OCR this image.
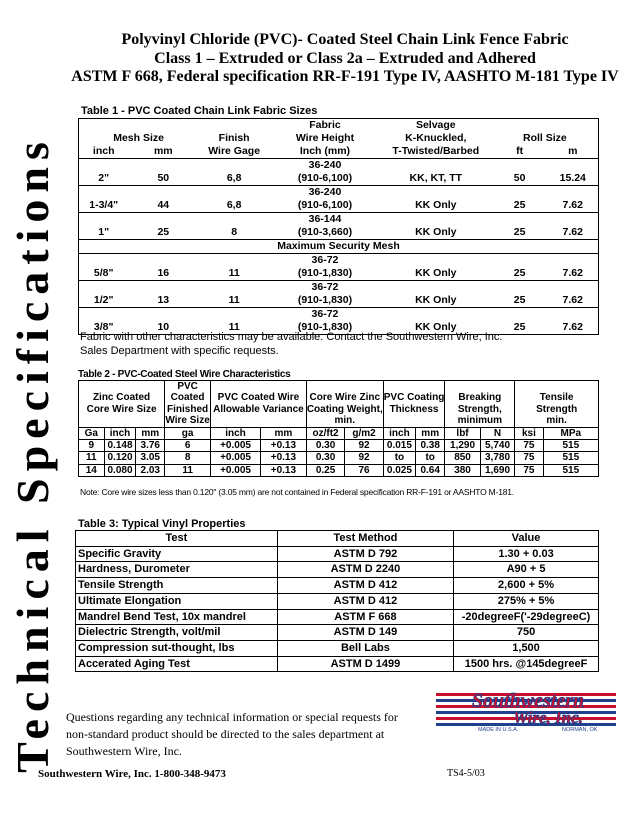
Polyvinyl Chloride (PVC)- Coated Steel Chain Link Fence Fabric
Class 1 – Extruded or Class 2a – Extruded and Adhered
ASTM F 668, Federal specification RR-F-191 Type IV, AASHTO M-181 Type IV
Technical Specifications
Table 1 - PVC Coated Chain Link Fabric Sizes
			Fabric	Selvage		
Mesh Size		Finish	Wire Height	K-Knuckled,	Roll Size	
inch	mm	Wire Gage	Inch (mm)	T-Twisted/Barbed	ft	m
			36-240			
2"	50	6,8	(910-6,100)	KK, KT, TT	50	15.24
			36-240			
1-3/4"	44	6,8	(910-6,100)	KK Only	25	7.62
			36-144			
1"	25	8	(910-3,660)	KK Only	25	7.62
Maximum Security Mesh						
			36-72			
5/8"	16	11	(910-1,830)	KK Only	25	7.62
			36-72			
1/2"	13	11	(910-1,830)	KK Only	25	7.62
			36-72			
3/8"	10	11	(910-1,830)	KK Only	25	7.62
Fabric with other characteristics may be available. Contact the Southwestern Wire, Inc.
Sales Department with specific requests.
Table 2 - PVC-Coated Steel Wire Characteristics
			PVC										
Zinc Coated			Coated	PVC Coated Wire		Core Wire Zinc		PVC Coating		Breaking		Tensile	
Core Wire Size			Finished	Allowable Variance		Coating Weight,		Thickness		Strength,		Strength	
			Wire Size			min.				minimum		min.	
Ga	inch	mm	ga	inch	mm	oz/ft2	g/m2	inch	mm	lbf	N	ksi	MPa
9	0.148	3.76	6	+0.005	+0.13	0.30	92	0.015	0.38	1,290	5,740	75	515
11	0.120	3.05	8	+0.005	+0.13	0.30	92	to	to	850	3,780	75	515
14	0.080	2.03	11	+0.005	+0.13	0.25	76	0.025	0.64	380	1,690	75	515
Note: Core wire sizes less than 0.120" (3.05 mm) are not contained in Federal specification RR-F-191 or AASHTO M-181.
Table 3: Typical Vinyl Properties
Test	Test Method	Value
Specific Gravity	ASTM D 792	1.30 + 0.03
Hardness, Durometer	ASTM D 2240	A90 + 5
Tensile Strength	ASTM D 412	2,600 + 5%
Ultimate Elongation	ASTM D 412	275% + 5%
Mandrel Bend Test, 10x mandrel	ASTM F 668	-20degreeF('-29degreeC)
Dielectric Strength, volt/mil	ASTM D 149	750
Compression sut-thought, lbs	Bell Labs	1,500
Accerated Aging Test	ASTM D 1499	1500 hrs. @145degreeF
Southwestern
Wire, Inc.
MADE IN U.S.A.	NORMAN, OK
Questions regarding any technical information or special requests for
non-standard product should be directed to the sales department at
Southwestern Wire, Inc.
Southwestern Wire, Inc. 1-800-348-9473	TS4-5/03
